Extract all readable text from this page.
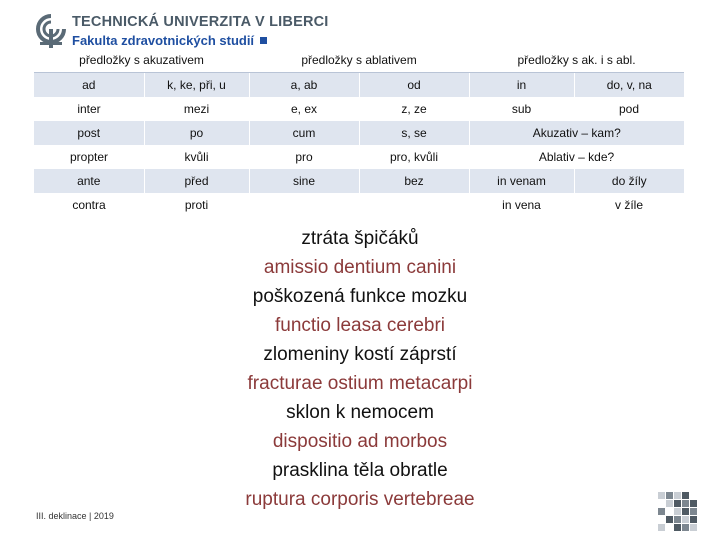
TECHNICKÁ UNIVERZITA V LIBERCI
Fakulta zdravotnických studií
předložky s akuzativem		předložky s ablativem		předložky s ak. i s abl.	
ad	k, ke, při, u	a, ab	od	in	do, v, na
inter	mezi	e, ex	z, ze	sub	pod
post	po	cum	s, se	Akuzativ – kam?	
propter	kvůli	pro	pro, kvůli	Ablativ – kde?	
ante	před	sine	bez	in venam	do žíly
contra	proti			in vena	v žíle
ztráta špičáků
amissio dentium canini
poškozená funkce mozku
functio leasa cerebri
zlomeniny kostí záprstí
fracturae ostium metacarpi
sklon k nemocem
dispositio ad morbos
prasklina těla obratle
ruptura corporis vertebreae
III. deklinace | 2019
